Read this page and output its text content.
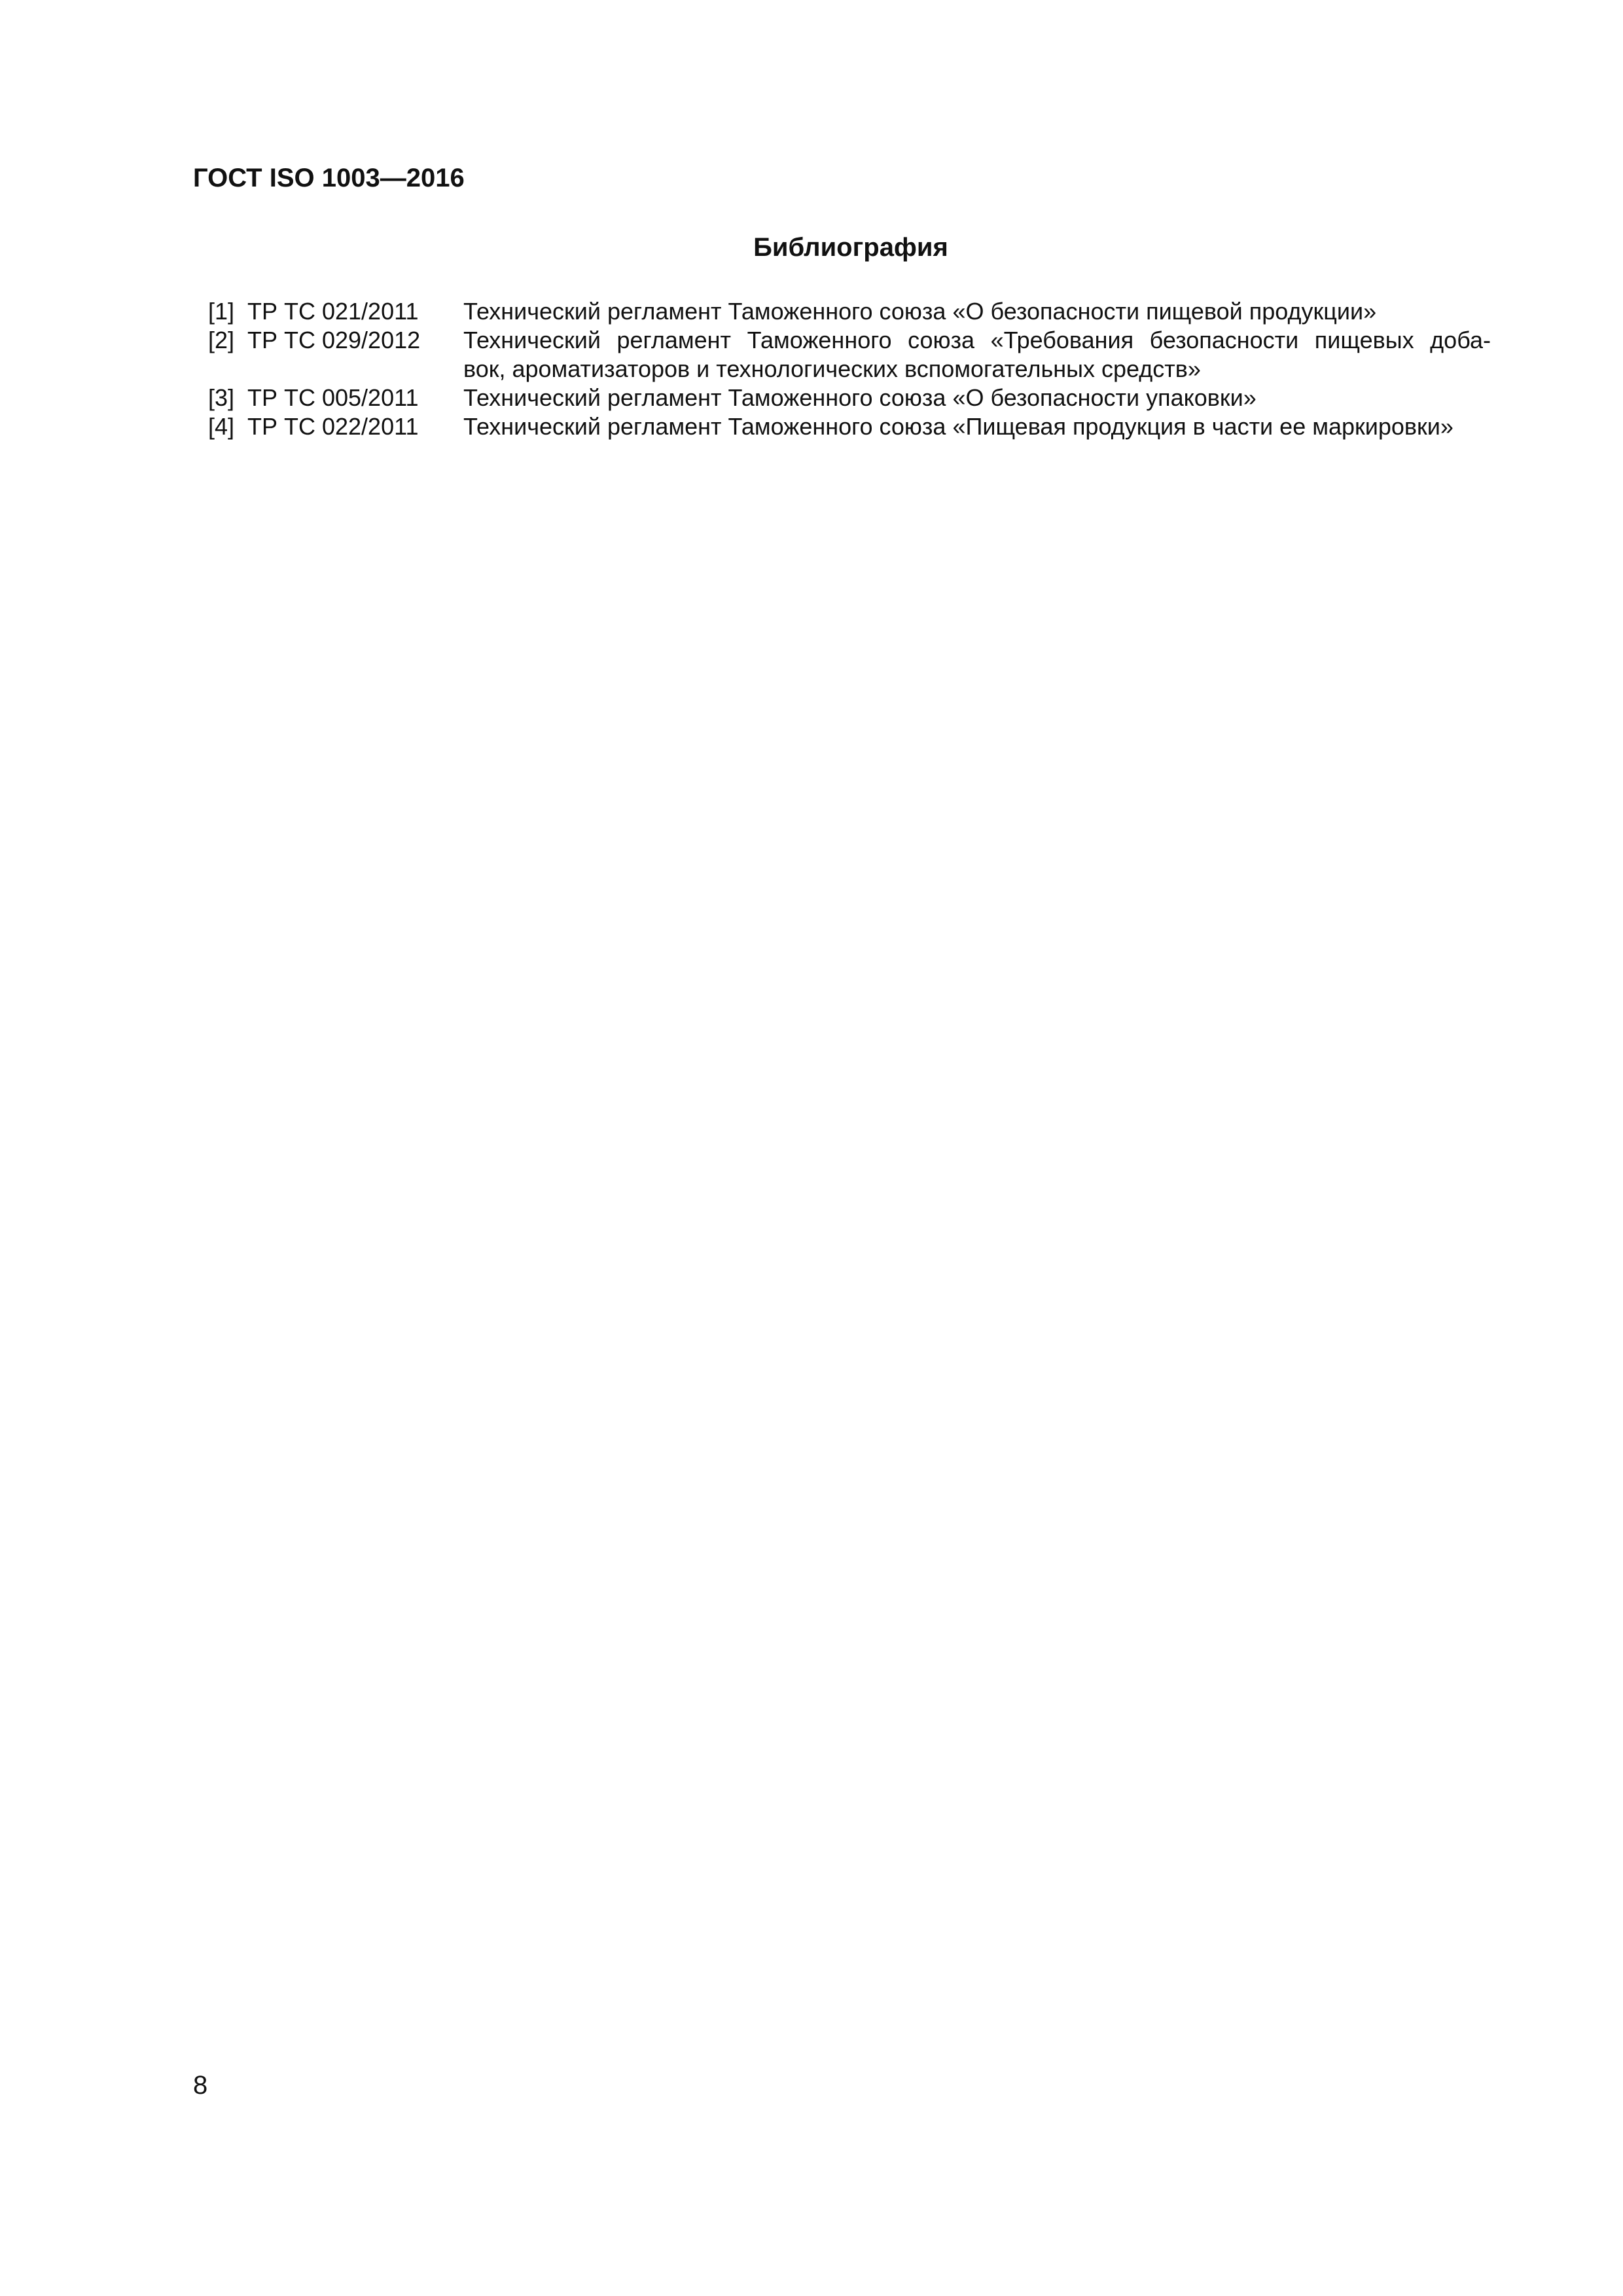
ГОСТ ISO 1003—2016
Библиография
[1] ТР ТС 021/2011	Технический регламент Таможенного союза «О безопасности пищевой продукции»
[2] ТР ТС 029/2012	Технический регламент Таможенного союза «Требования безопасности пищевых доба-
вок, ароматизаторов и технологических вспомогательных средств»
[3] ТР ТС 005/2011	Технический регламент Таможенного союза «О безопасности упаковки»
[4] ТР ТС 022/2011	Технический регламент Таможенного союза «Пищевая продукция в части ее маркировки»
8
